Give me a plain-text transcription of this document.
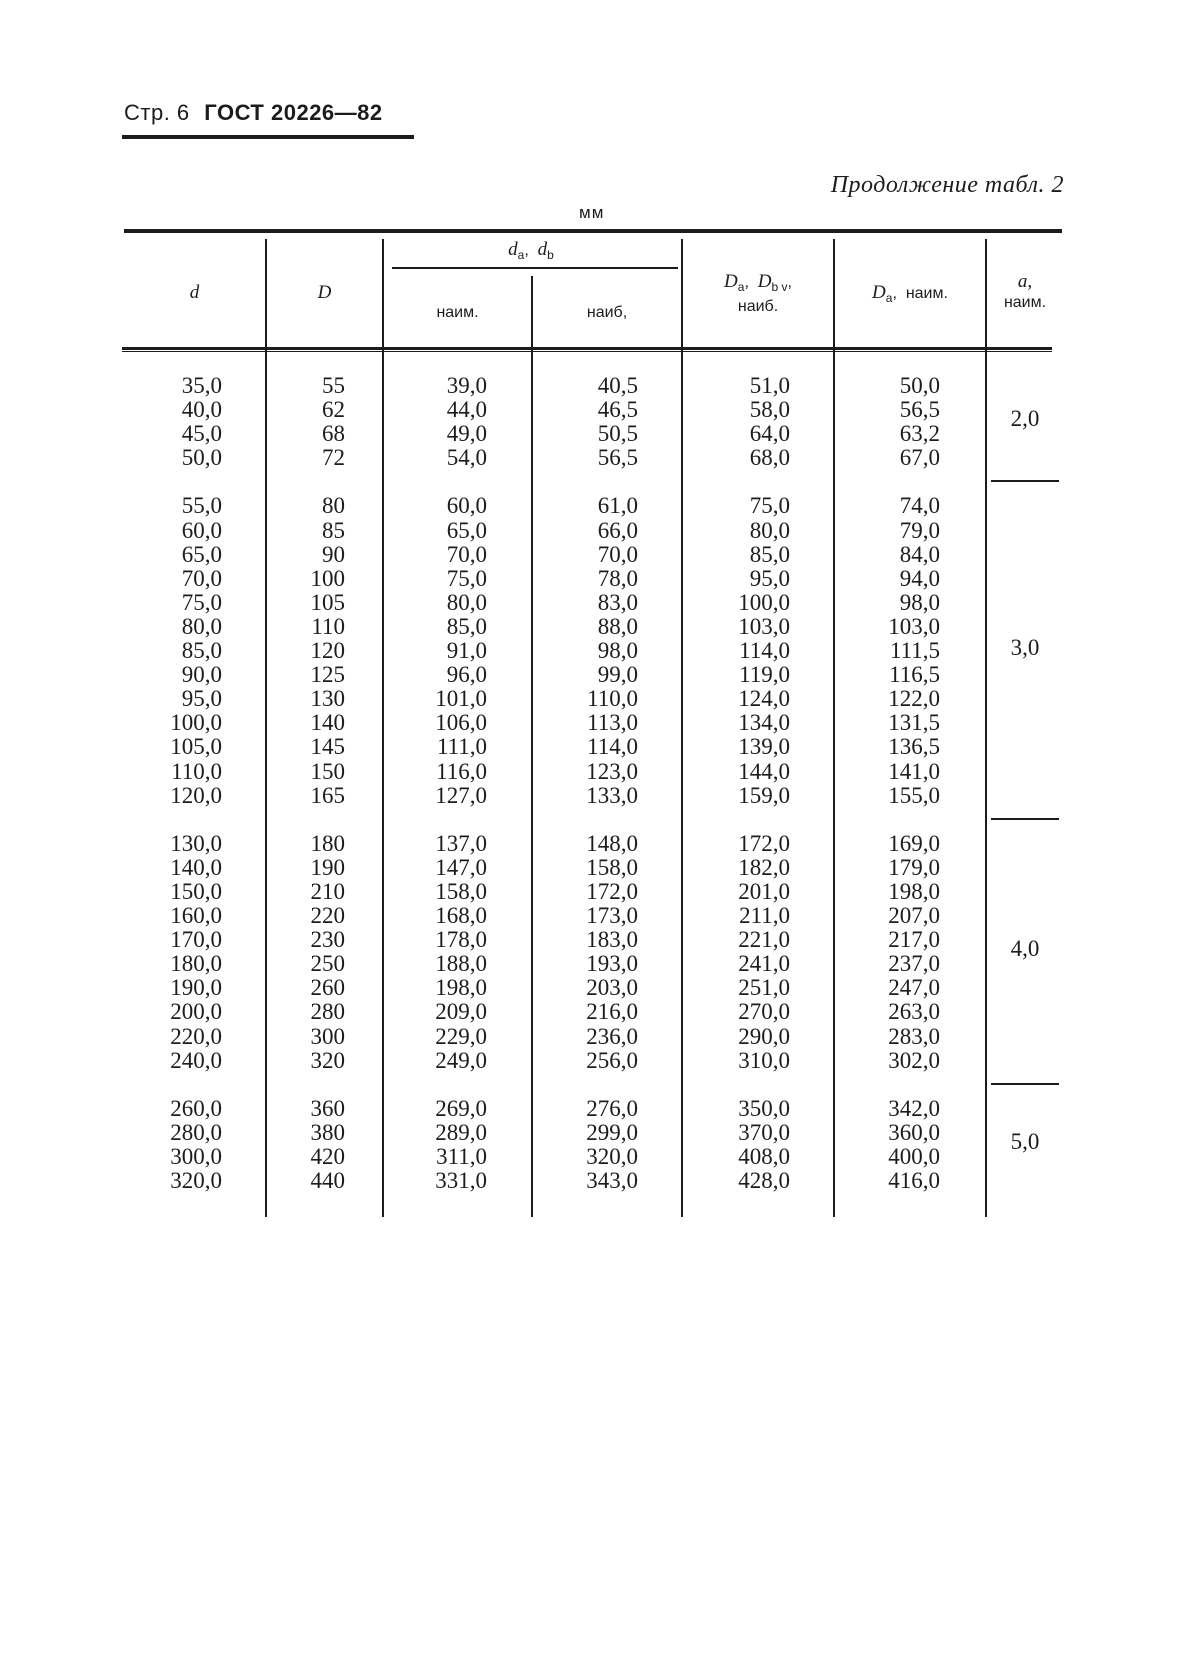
Стр. 6 ГОСТ 20226—82
Продолжение табл. 2
мм
d	D
$d_a$,  $d_b$
наим.	наиб,
$D_a$,  $D_{b v}$,
наиб.
$D_a$,  наим.
a,
наим.
35,0
40,0
45,0
50,0
55,0
60,0
65,0
70,0
75,0
80,0
85,0
90,0
95,0
100,0
105,0
110,0
120,0
130,0
140,0
150,0
160,0
170,0
180,0
190,0
200,0
220,0
240,0
260,0
280,0
300,0
320,0
55
62
68
72
80
85
90
100
105
110
120
125
130
140
145
150
165
180
190
210
220
230
250
260
280
300
320
360
380
420
440
39,0
44,0
49,0
54,0
60,0
65,0
70,0
75,0
80,0
85,0
91,0
96,0
101,0
106,0
111,0
116,0
127,0
137,0
147,0
158,0
168,0
178,0
188,0
198,0
209,0
229,0
249,0
269,0
289,0
311,0
331,0
40,5
46,5
50,5
56,5
61,0
66,0
70,0
78,0
83,0
88,0
98,0
99,0
110,0
113,0
114,0
123,0
133,0
148,0
158,0
172,0
173,0
183,0
193,0
203,0
216,0
236,0
256,0
276,0
299,0
320,0
343,0
51,0
58,0
64,0
68,0
75,0
80,0
85,0
95,0
100,0
103,0
114,0
119,0
124,0
134,0
139,0
144,0
159,0
172,0
182,0
201,0
211,0
221,0
241,0
251,0
270,0
290,0
310,0
350,0
370,0
408,0
428,0
50,0
56,5
63,2
67,0
74,0
79,0
84,0
94,0
98,0
103,0
111,5
116,5
122,0
131,5
136,5
141,0
155,0
169,0
179,0
198,0
207,0
217,0
237,0
247,0
263,0
283,0
302,0
342,0
360,0
400,0
416,0
2,0
3,0
4,0
5,0
